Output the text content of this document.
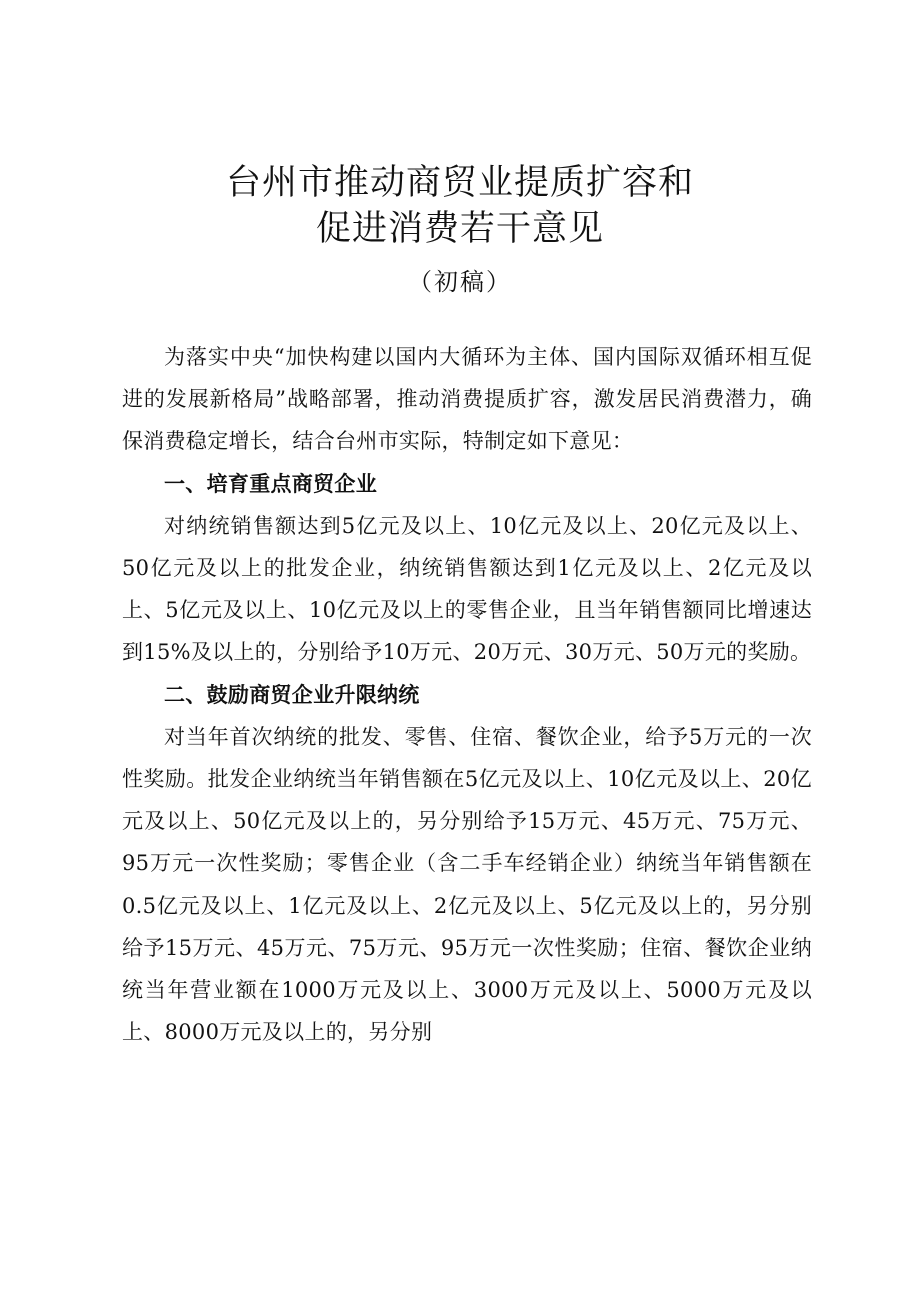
台州市推动商贸业提质扩容和
促进消费若干意见
（初稿）

为落实中央“加快构建以国内大循环为主体、国内国际双循环相互促进的发展新格局”战略部署，推动消费提质扩容，激发居民消费潜力，确保消费稳定增长，结合台州市实际，特制定如下意见：

一、培育重点商贸企业

对纳统销售额达到5亿元及以上、10亿元及以上、20亿元及以上、50亿元及以上的批发企业，纳统销售额达到1亿元及以上、2亿元及以上、5亿元及以上、10亿元及以上的零售企业，且当年销售额同比增速达到15%及以上的，分别给予10万元、20万元、30万元、50万元的奖励。

二、鼓励商贸企业升限纳统

对当年首次纳统的批发、零售、住宿、餐饮企业，给予5万元的一次性奖励。批发企业纳统当年销售额在5亿元及以上、10亿元及以上、20亿元及以上、50亿元及以上的，另分别给予15万元、45万元、75万元、95万元一次性奖励；零售企业（含二手车经销企业）纳统当年销售额在0.5亿元及以上、1亿元及以上、2亿元及以上、5亿元及以上的，另分别给予15万元、45万元、75万元、95万元一次性奖励；住宿、餐饮企业纳统当年营业额在1000万元及以上、3000万元及以上、5000万元及以上、8000万元及以上的，另分别
